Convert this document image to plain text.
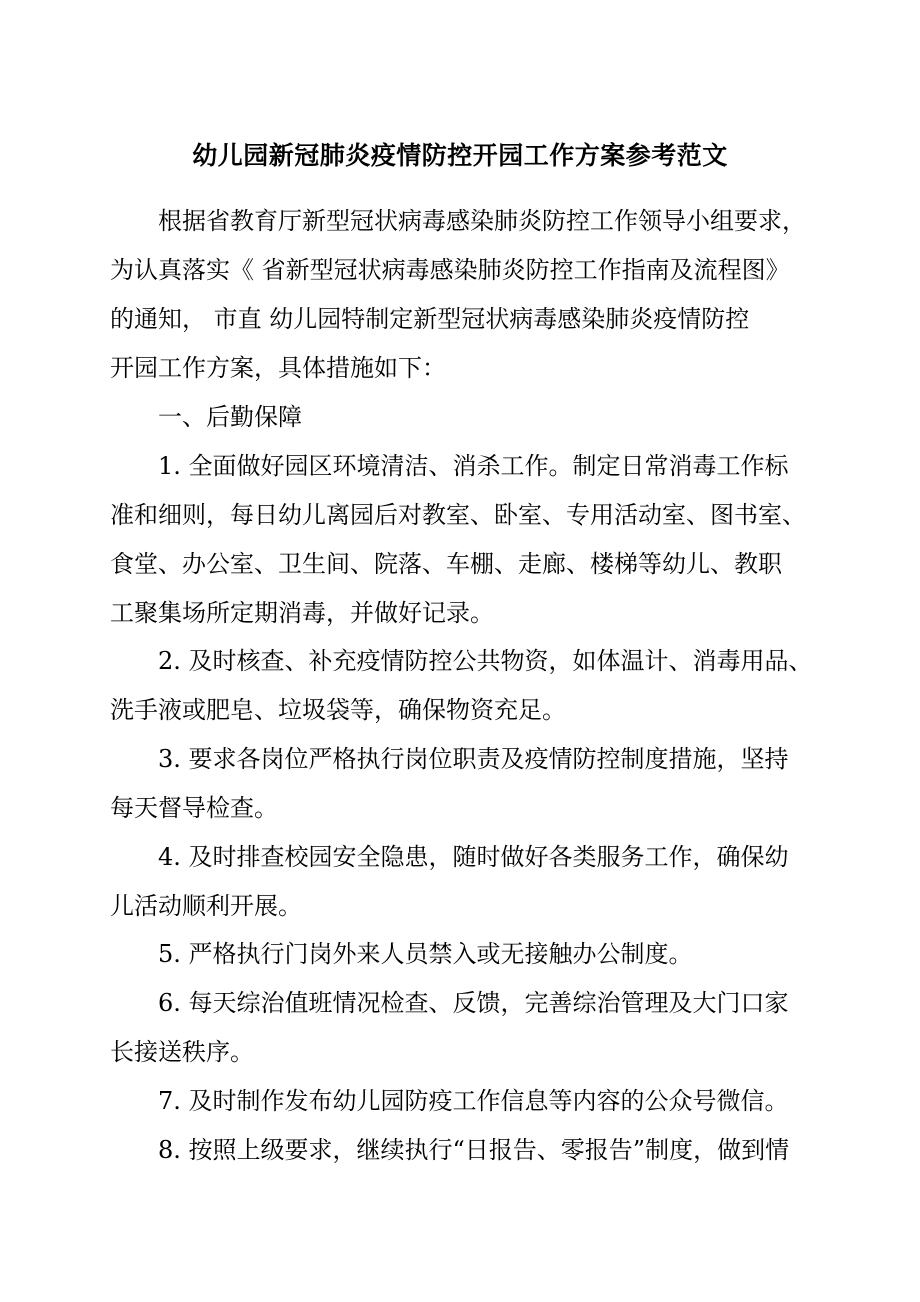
幼儿园新冠肺炎疫情防控开园工作方案参考范文
根据省教育厅新型冠状病毒感染肺炎防控工作领导小组要求，
为认真落实《 省新型冠状病毒感染肺炎防控工作指南及流程图》
的通知， 市直 幼儿园特制定新型冠状病毒感染肺炎疫情防控
开园工作方案，具体措施如下：
一、后勤保障
1. 全面做好园区环境清洁、消杀工作。制定日常消毒工作标
准和细则，每日幼儿离园后对教室、卧室、专用活动室、图书室、
食堂、办公室、卫生间、院落、车棚、走廊、楼梯等幼儿、教职
工聚集场所定期消毒，并做好记录。
2. 及时核查、补充疫情防控公共物资，如体温计、消毒用品、
洗手液或肥皂、垃圾袋等，确保物资充足。
3. 要求各岗位严格执行岗位职责及疫情防控制度措施，坚持
每天督导检查。
4. 及时排查校园安全隐患，随时做好各类服务工作，确保幼
儿活动顺利开展。
5. 严格执行门岗外来人员禁入或无接触办公制度。
6. 每天综治值班情况检查、反馈，完善综治管理及大门口家
长接送秩序。
7. 及时制作发布幼儿园防疫工作信息等内容的公众号微信。
8. 按照上级要求，继续执行“日报告、零报告”制度，做到情
